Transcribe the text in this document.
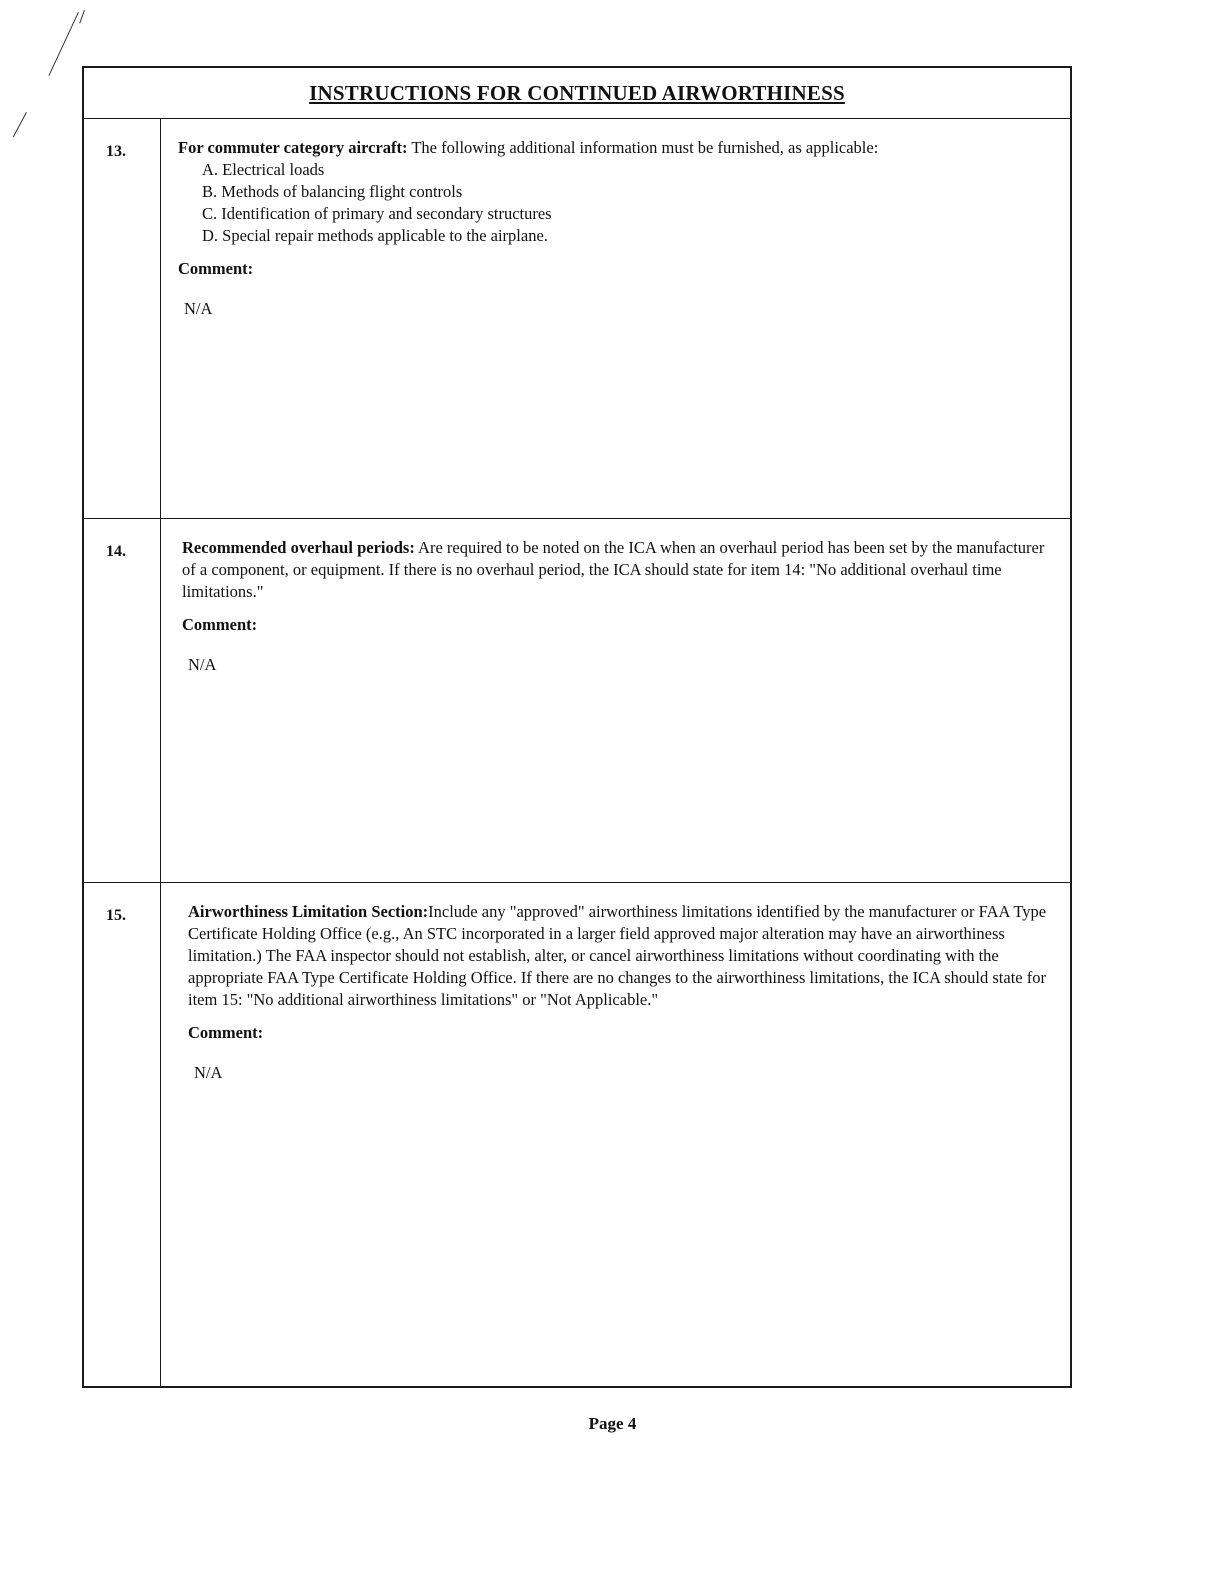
INSTRUCTIONS FOR CONTINUED AIRWORTHINESS
13.	For commuter category aircraft: The following additional information must be furnished, as applicable:

A. Electrical loads
B. Methods of balancing flight controls
C. Identification of primary and secondary structures
D. Special repair methods applicable to the airplane.
Comment:
N/A
14.	Recommended overhaul periods: Are required to be noted on the ICA when an overhaul period has been set by the manufacturer of a component, or equipment. If there is no overhaul period, the ICA should state for item 14: "No additional overhaul time limitations."

Comment:
N/A
15.	Airworthiness Limitation Section:Include any "approved" airworthiness limitations identified by the manufacturer or FAA Type Certificate Holding Office (e.g., An STC incorporated in a larger field approved major alteration may have an airworthiness limitation.) The FAA inspector should not establish, alter, or cancel airworthiness limitations without coordinating with the appropriate FAA Type Certificate Holding Office. If there are no changes to the airworthiness limitations, the ICA should state for item 15: "No additional airworthiness limitations" or "Not Applicable."

Comment:
N/A
Page 4
